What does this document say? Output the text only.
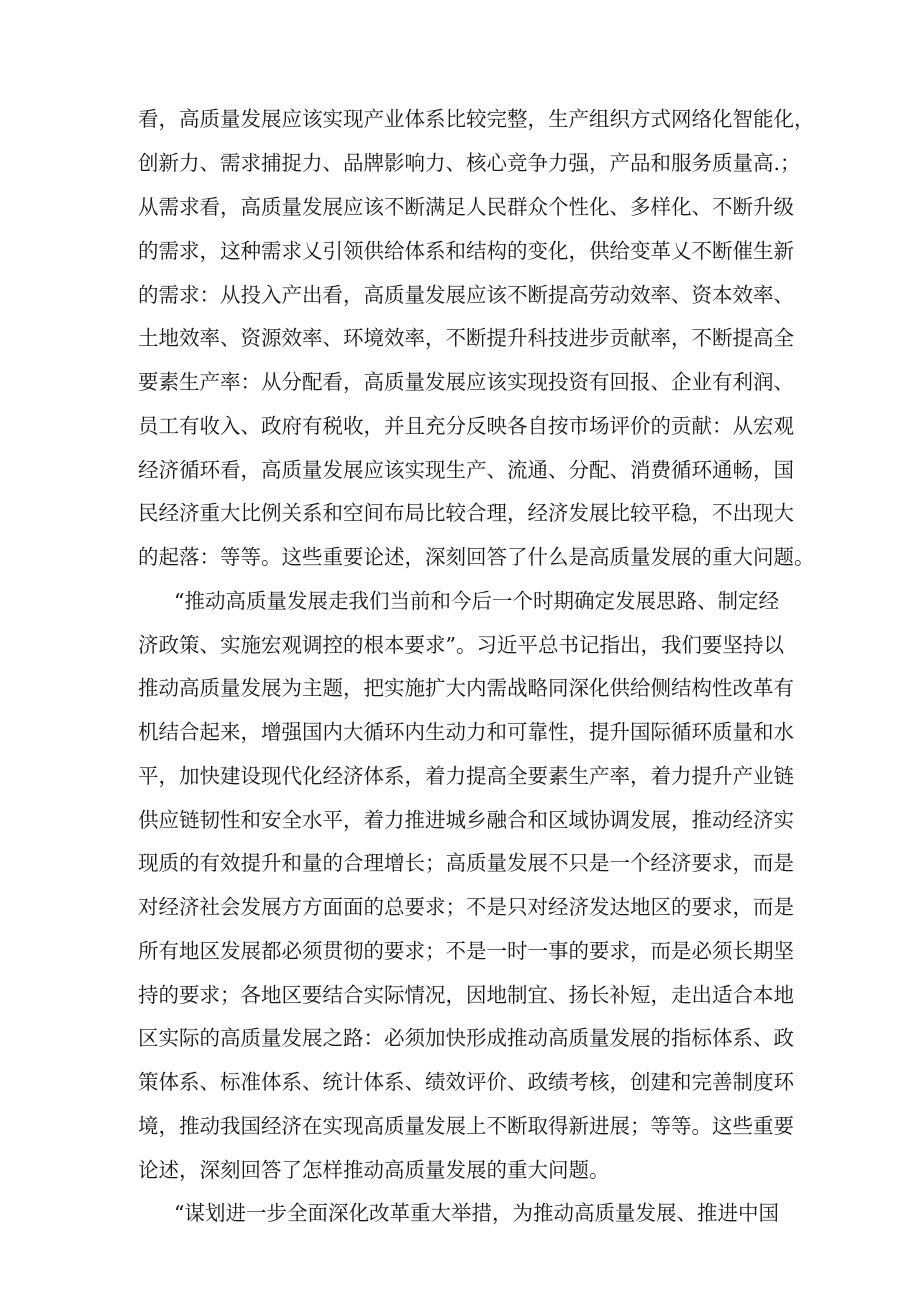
看，高质量发展应该实现产业体系比较完整，生产组织方式网络化智能化，
创新力、需求捕捉力、品牌影响力、核心竞争力强，产品和服务质量高.；
从需求看，高质量发展应该不断满足人民群众个性化、多样化、不断升级
的需求，这种需求乂引领供给体系和结构的变化，供给变革乂不断催生新
的需求：从投入产出看，高质量发展应该不断提高劳动效率、资本效率、
土地效率、资源效率、环境效率，不断提升科技进步贡献率，不断提高全
要素生产率：从分配看，高质量发展应该实现投资有回报、企业有利润、
员工有收入、政府有税收，并且充分反映各自按市场评价的贡献：从宏观
经济循环看，高质量发展应该实现生产、流通、分配、消费循环通畅，国
民经济重大比例关系和空间布局比较合理，经济发展比较平稳，不出现大
的起落：等等。这些重要论述，深刻回答了什么是高质量发展的重大问题。
“推动高质量发展走我们当前和今后一个时期确定发展思路、制定经
济政策、实施宏观调控的根本要求”。习近平总书记指出，我们要坚持以
推动高质量发展为主题，把实施扩大内需战略同深化供给侧结构性改革有
机结合起来，增强国内大循环内生动力和可靠性，提升国际循环质量和水
平，加快建设现代化经济体系，着力提高全要素生产率，着力提升产业链
供应链韧性和安全水平，着力推进城乡融合和区域协调发展，推动经济实
现质的有效提升和量的合理增长；高质量发展不只是一个经济要求，而是
对经济社会发展方方面面的总要求；不是只对经济发达地区的要求，而是
所有地区发展都必须贯彻的要求；不是一时一事的要求，而是必须长期坚
持的要求；各地区要结合实际情况，因地制宜、扬长补短，走出适合本地
区实际的高质量发展之路：必须加快形成推动高质量发展的指标体系、政
策体系、标准体系、统计体系、绩效评价、政绩考核，创建和完善制度环
境，推动我国经济在实现高质量发展上不断取得新进展；等等。这些重要
论述，深刻回答了怎样推动高质量发展的重大问题。
“谋划进一步全面深化改革重大举措，为推动高质量发展、推进中国
